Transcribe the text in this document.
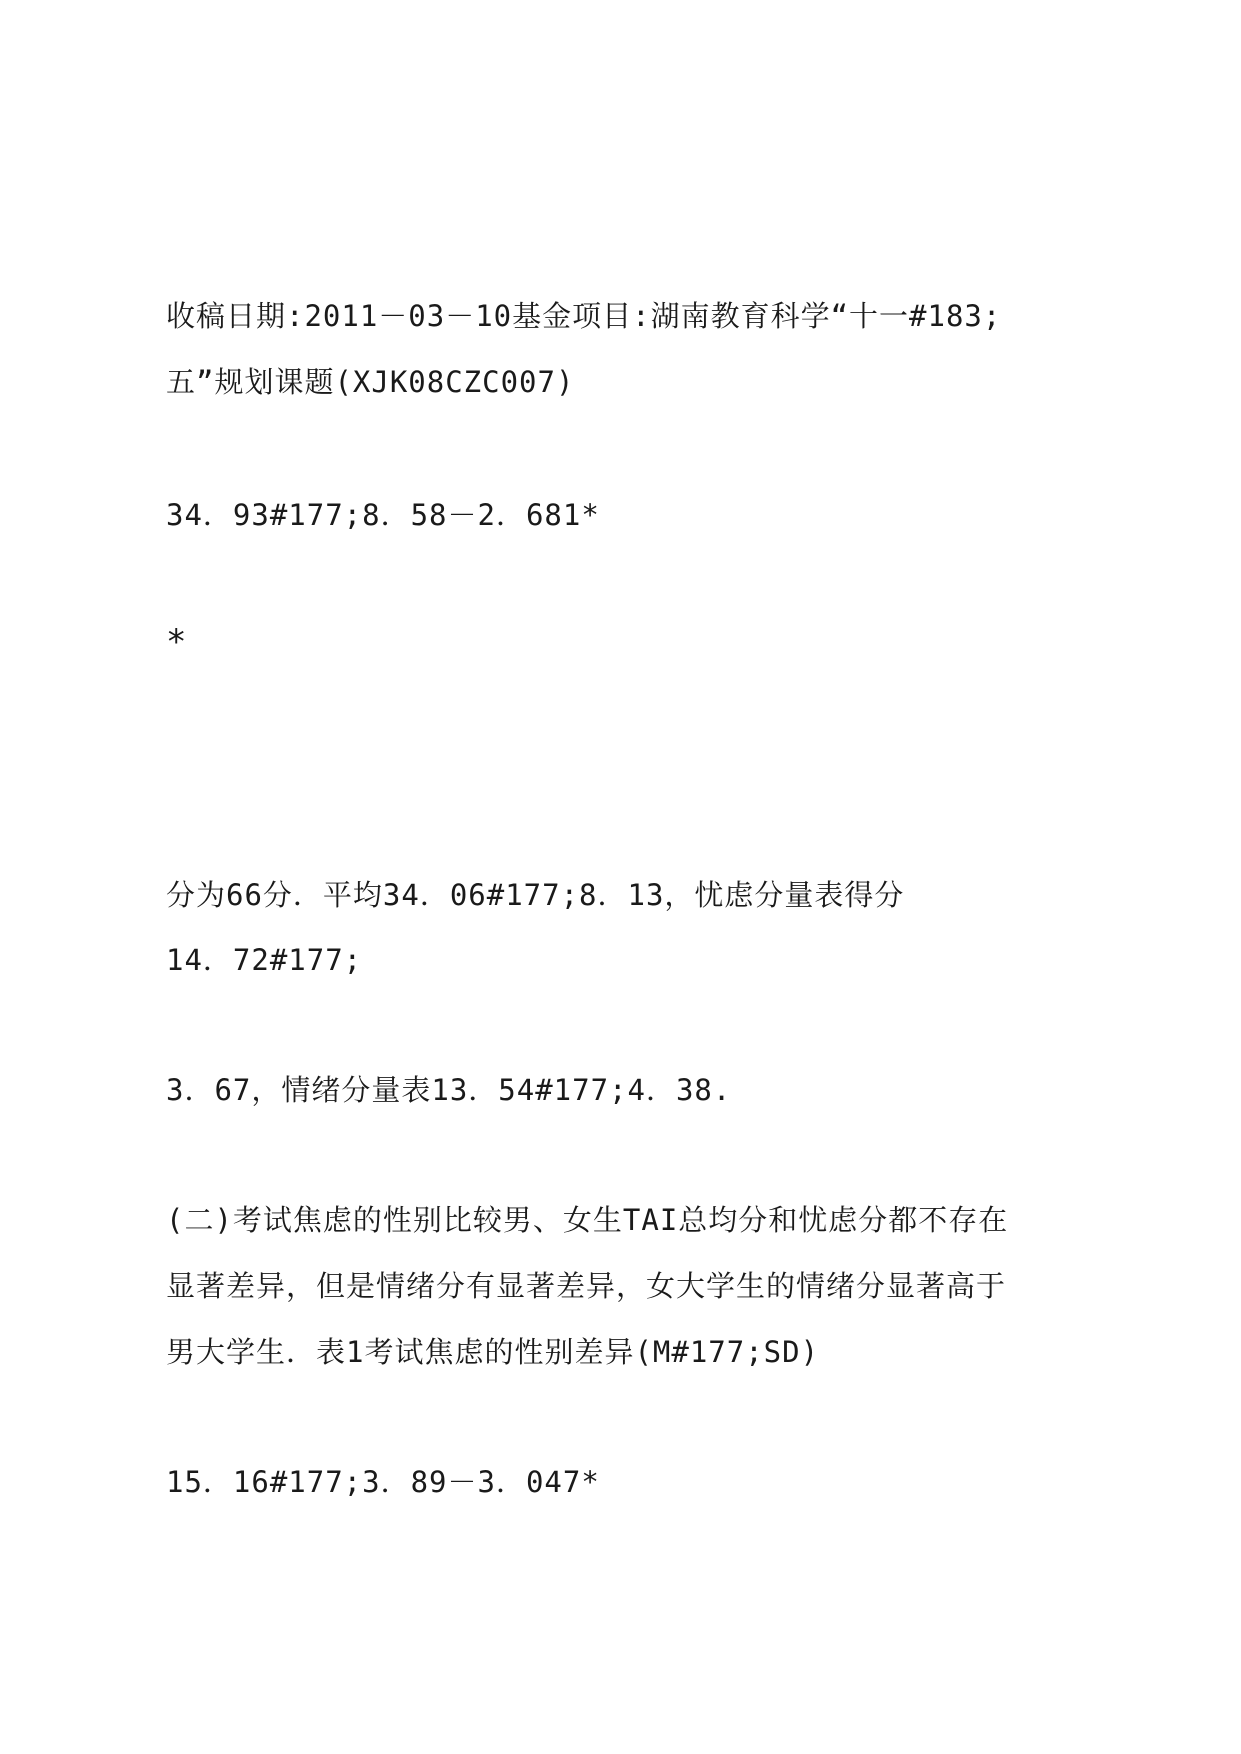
收稿日期:2011－03－10基金项目:湖南教育科学“十一#183;

五”规划课题(XJK08CZC007)

34．93#177;8．58－2．681*

*

分为66分．平均34．06#177;8．13，忧虑分量表得分

14．72#177;

3．67，情绪分量表13．54#177;4．38.

(二)考试焦虑的性别比较男、女生TAI总均分和忧虑分都不存在

显著差异，但是情绪分有显著差异，女大学生的情绪分显著高于

男大学生．表1考试焦虑的性别差异(M#177;SD)

15．16#177;3．89－3．047*
